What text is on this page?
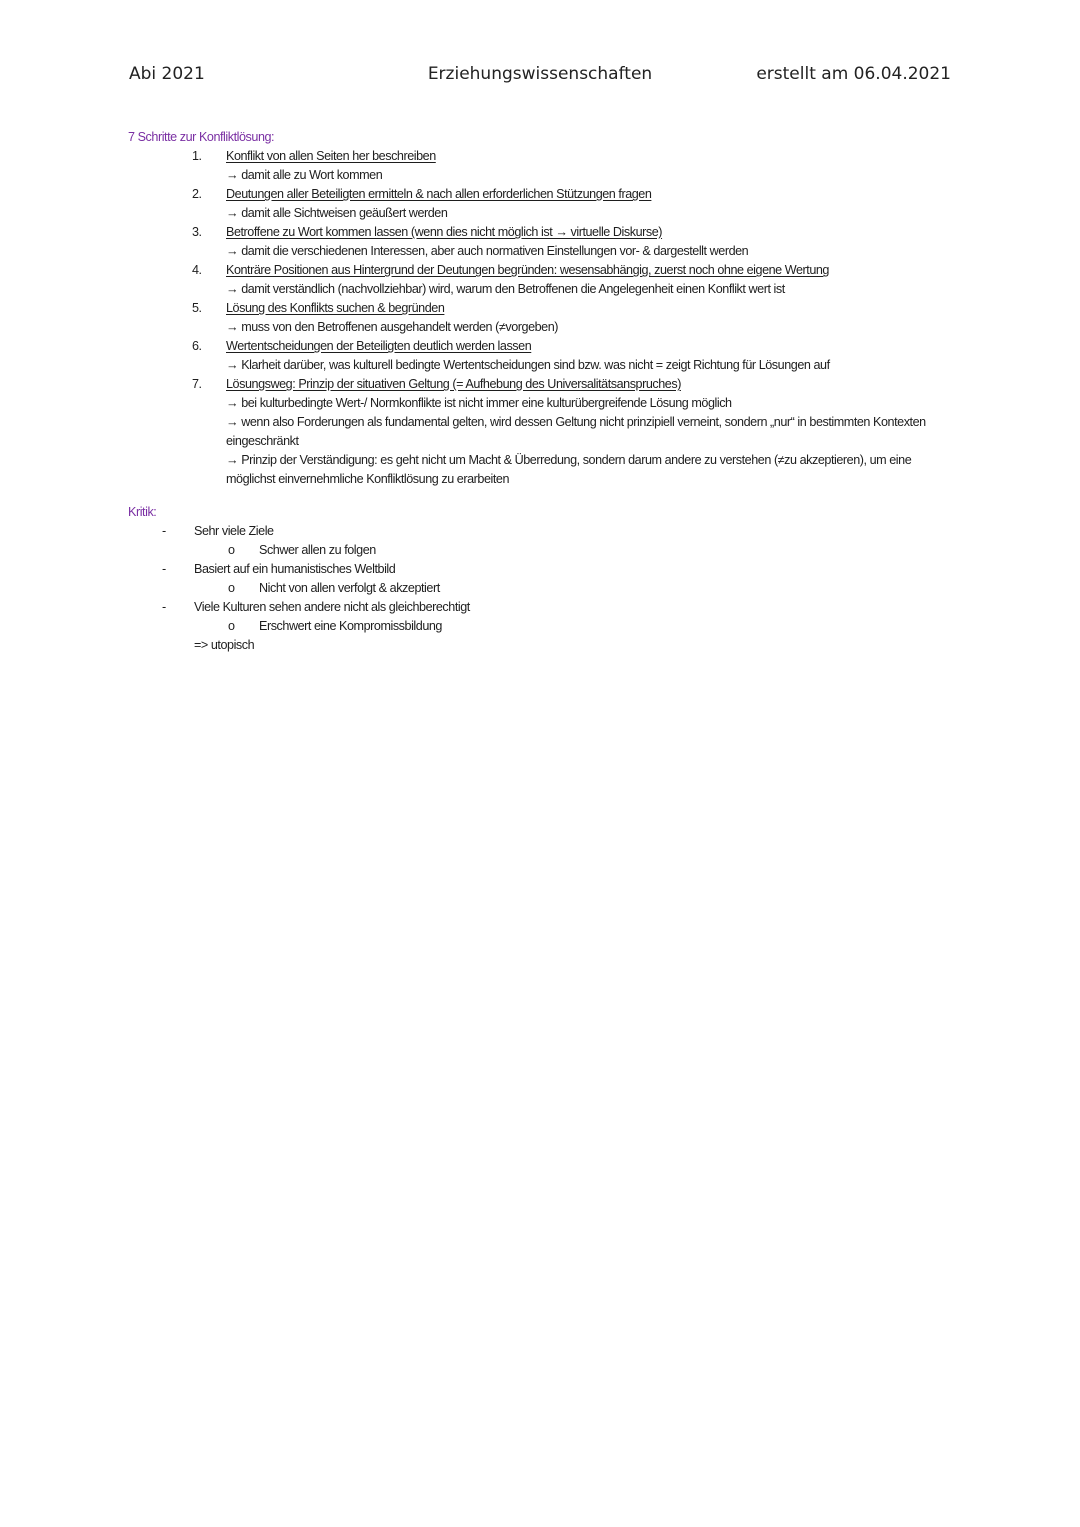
Abi 2021	Erziehungswissenschaften	erstellt am 06.04.2021
7 Schritte zur Konfliktlösung:
1. Konflikt von allen Seiten her beschreiben
→ damit alle zu Wort kommen
2. Deutungen aller Beteiligten ermitteln & nach allen erforderlichen Stützungen fragen
→ damit alle Sichtweisen geäußert werden
3. Betroffene zu Wort kommen lassen (wenn dies nicht möglich ist → virtuelle Diskurse)
→ damit die verschiedenen Interessen, aber auch normativen Einstellungen vor- & dargestellt werden
4. Konträre Positionen aus Hintergrund der Deutungen begründen: wesensabhängig, zuerst noch ohne eigene Wertung
→ damit verständlich (nachvollziehbar) wird, warum den Betroffenen die Angelegenheit einen Konflikt wert ist
5. Lösung des Konflikts suchen & begründen
→ muss von den Betroffenen ausgehandelt werden (≠vorgeben)
6. Wertentscheidungen der Beteiligten deutlich werden lassen
→ Klarheit darüber, was kulturell bedingte Wertentscheidungen sind bzw. was nicht = zeigt Richtung für Lösungen auf
7. Lösungsweg: Prinzip der situativen Geltung (= Aufhebung des Universalitätsanspruches)
→ bei kulturbedingte Wert-/ Normkonflikte ist nicht immer eine kulturübergreifende Lösung möglich
→ wenn also Forderungen als fundamental gelten, wird dessen Geltung nicht prinzipiell verneint, sondern „nur“ in bestimmten Kontexten
eingeschränkt
→ Prinzip der Verständigung: es geht nicht um Macht & Überredung, sondern darum andere zu verstehen (≠zu akzeptieren), um eine
möglichst einvernehmliche Konfliktlösung zu erarbeiten
Kritik:
- Sehr viele Ziele
o Schwer allen zu folgen
- Basiert auf ein humanistisches Weltbild
o Nicht von allen verfolgt & akzeptiert
- Viele Kulturen sehen andere nicht als gleichberechtigt
o Erschwert eine Kompromissbildung
=> utopisch
